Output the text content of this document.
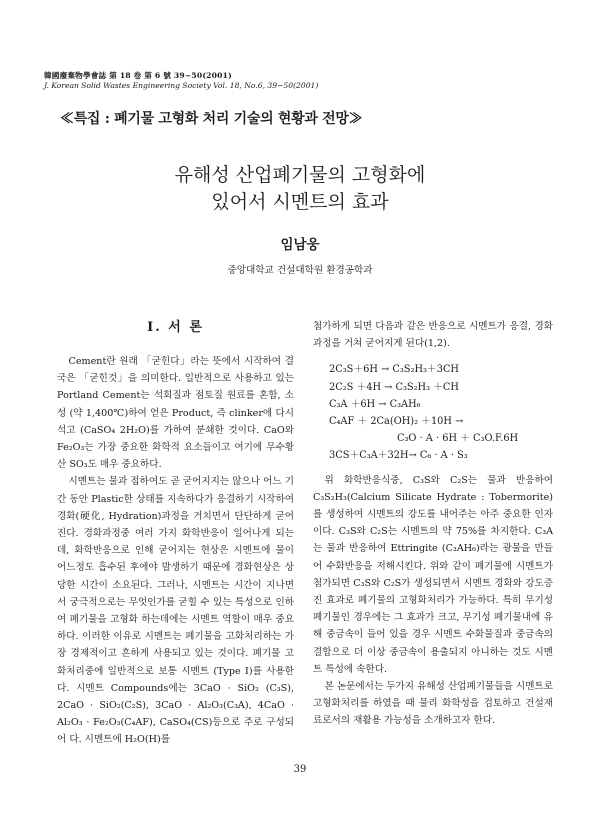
韓國廢棄物學會誌 第 18 卷 第 6 號 39~50(2001)
J. Korean Solid Wastes Engineering Society Vol. 18, No.6, 39~50(2001)
≪특집 : 폐기물 고형화 처리 기술의 현황과 전망≫
유해성 산업폐기물의 고형화에
있어서 시멘트의 효과
임남웅
중앙대학교 건설대학원 환경공학과
Ⅰ. 서 론

Cement란 원래 「굳힌다」라는 뜻에서 시작하여 결국은 「굳힌것」을 의미한다. 일반적으로 사용하고 있는 Portland Cement는 석회질과 점토질 원료를 혼합, 소성 (약 1,400℃)하여 얻은 Product, 즉 clinker에 다시 석고 (CaSO₄ 2H₂O)를 가하여 분쇄한 것이다. CaO와 Fe₂O₃는 가장 중요한 화학적 요소들이고 여기에 무수황산 SO₃도 매우 중요하다.

시멘트는 물과 접하여도 곧 굳어지지는 않으나 어느 기간 동안 Plastic한 상태를 지속하다가 응결하기 시작하여 경화(硬化, Hydration)과정을 거치면서 단단하게 굳어진다. 경화과정중 여러 가지 화학반응이 일어나게 되는데, 화학반응으로 인해 굳어지는 현상은 시멘트에 물이 어느정도 흡수된 후에야 발생하기 때문에 경화현상은 상당한 시간이 소요된다. 그러나, 시멘트는 시간이 지나면서 궁극적으로는 무엇인가를 굳힐 수 있는 특성으로 인하여 폐기물을 고형화 하는데에는 시멘트 역할이 매우 중요하다. 이러한 이유로 시멘트는 폐기물을 고화처리하는 가장 경제적이고 흔하게 사용되고 있는 것이다. 폐기물 고화처리중에 일반적으로 보통 시멘트 (Type I)를 사용한다. 시멘트 Compounds에는 3CaO · SiO₂ (C₃S), 2CaO · SiO₂(C₂S), 3CaO · Al₂O₃(C₃A), 4CaO · Al₂O₃ · Fe₂O₃(C₄AF), CaSO₄(CS)등으로 주로 구성되어 다. 시멘트에 H₂O(H)를

첨가하게 되면 다음과 같은 반응으로 시멘트가 응결, 경화과정을 거쳐 굳어지게 된다(1,2).

2C₃S＋6H → C₃S₂H₃＋3CH
2C₂S ＋4H → C₃S₂H₃ ＋CH
C₃A ＋6H → C₃AH₆
C₄AF ＋ 2Ca(OH)₂ ＋10H →
C₃O · A · 6H ＋ C₃O.F.6H
3CS＋C₃A＋32H→ C₆ · A · S₃

위 화학반응식중, C₃S와 C₂S는 물과 반응하여 C₃S₂H₃(Calcium Silicate Hydrate : Tobermorite)를 생성하여 시멘트의 강도를 내어주는 아주 중요한 인자이다. C₃S와 C₂S는 시멘트의 약 75%를 차지한다. C₃A는 물과 반응하여 Ettringite (C₃AH₆)라는 광물을 만들어 수화반응을 저해시킨다. 위와 같이 폐기물에 시멘트가 첨가되면 C₃S와 C₂S가 생성되면서 시멘트 경화와 강도증진 효과로 폐기물의 고형화처리가 가능하다. 특히 무기성 폐기물인 경우에는 그 효과가 크고, 무기성 폐기물내에 유해 중금속이 들어 있을 경우 시멘트 수화물질과 중금속의 결합으로 더 이상 중금속이 용출되지 아니하는 것도 시멘트 특성에 속한다.

본 논문에서는 두가지 유해성 산업폐기물들을 시멘트로 고형화처리를 하였을 때 물리 화학성을 검토하고 건설재료로서의 재활용 가능성을 소개하고자 한다.

39
